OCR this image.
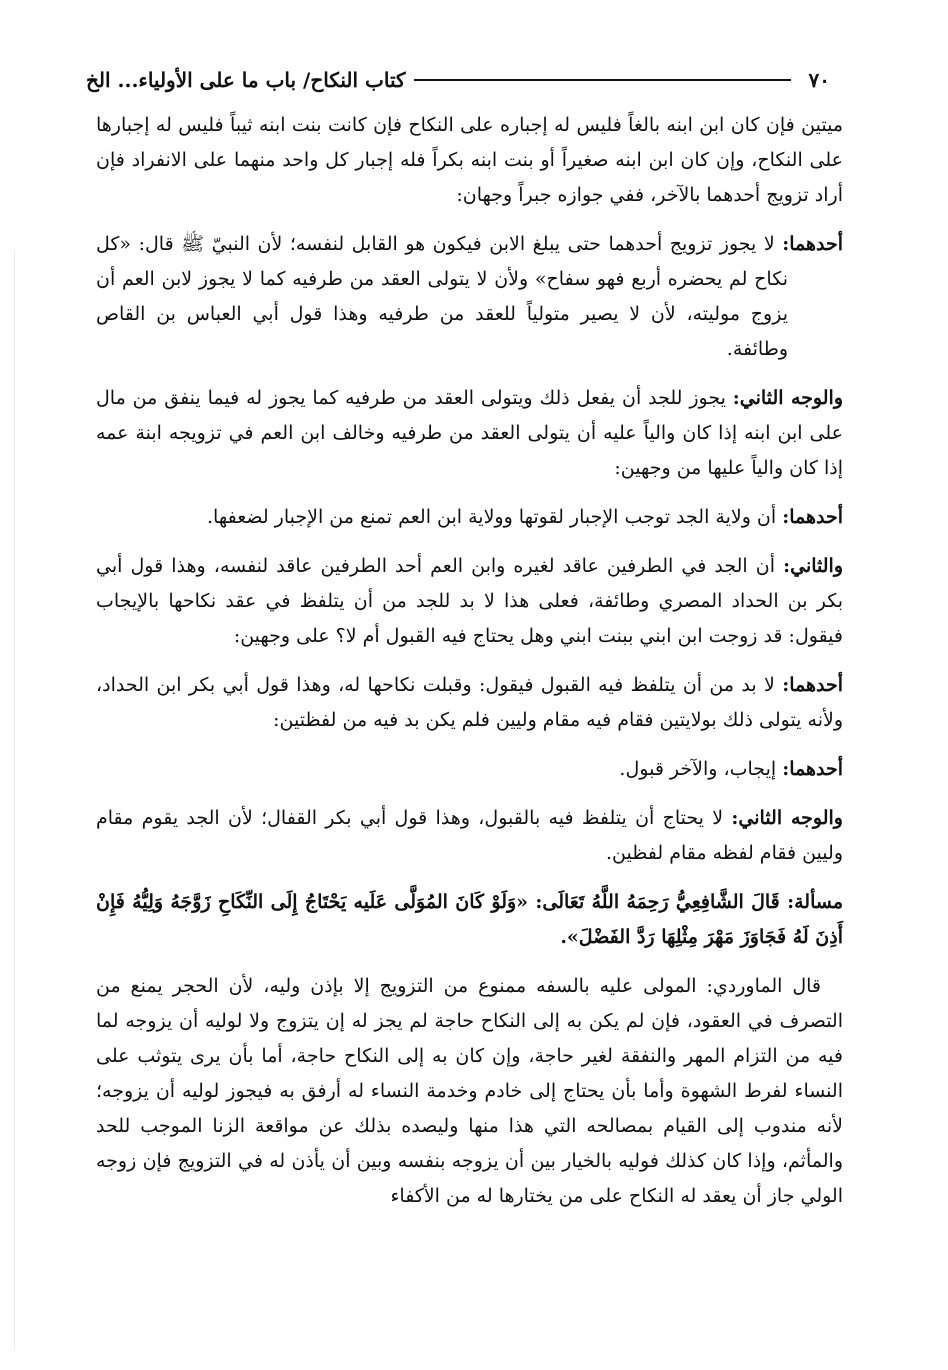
٧٠
كتاب النكاح/ باب ما على الأولياء... الخ

ميتين فإن كان ابن ابنه بالغاً فليس له إجباره على النكاح فإن كانت بنت ابنه ثيباً فليس له إجبارها على النكاح، وإن كان ابن ابنه صغيراً أو بنت ابنه بكراً فله إجبار كل واحد منهما على الانفراد فإن أراد تزويج أحدهما بالآخر، ففي جوازه جبراً وجهان:

أحدهما: لا يجوز تزويج أحدهما حتى يبلغ الابن فيكون هو القابل لنفسه؛ لأن النبيّ ﷺ قال: «كل نكاح لم يحضره أربع فهو سفاح» ولأن لا يتولى العقد من طرفيه كما لا يجوز لابن العم أن يزوج موليته، لأن لا يصير متولياً للعقد من طرفيه وهذا قول أبي العباس بن القاص وطائفة.

والوجه الثاني: يجوز للجد أن يفعل ذلك ويتولى العقد من طرفيه كما يجوز له فيما ينفق من مال على ابن ابنه إذا كان والياً عليه أن يتولى العقد من طرفيه وخالف ابن العم في تزويجه ابنة عمه إذا كان والياً عليها من وجهين:

أحدهما: أن ولاية الجد توجب الإجبار لقوتها وولاية ابن العم تمنع من الإجبار لضعفها.

والثاني: أن الجد في الطرفين عاقد لغيره وابن العم أحد الطرفين عاقد لنفسه، وهذا قول أبي بكر بن الحداد المصري وطائفة، فعلى هذا لا بد للجد من أن يتلفظ في عقد نكاحها بالإيجاب فيقول: قد زوجت ابن ابني ببنت ابني وهل يحتاج فيه القبول أم لا؟ على وجهين:

أحدهما: لا بد من أن يتلفظ فيه القبول فيقول: وقبلت نكاحها له، وهذا قول أبي بكر ابن الحداد، ولأنه يتولى ذلك بولايتين فقام فيه مقام وليين فلم يكن بد فيه من لفظتين:

أحدهما: إيجاب، والآخر قبول.

والوجه الثاني: لا يحتاج أن يتلفظ فيه بالقبول، وهذا قول أبي بكر القفال؛ لأن الجد يقوم مقام وليين فقام لفظه مقام لفظين.

مسألة: قَالَ الشَّافِعِيُّ رَحِمَهُ اللَّهُ تَعَالَى: «وَلَوْ كَانَ المُوَلَّى عَلَيه يَحْتَاجُ إِلَى النِّكَاحِ زَوَّجَهُ وَلِيُّهُ فَإِنْ أَذِنَ لَهُ فَجَاوَزَ مَهْرَ مِثْلِهَا رَدَّ الفَضْلَ».

قال الماوردي: المولى عليه بالسفه ممنوع من التزويج إلا بإذن وليه، لأن الحجر يمنع من التصرف في العقود، فإن لم يكن به إلى النكاح حاجة لم يجز له إن يتزوج ولا لوليه أن يزوجه لما فيه من التزام المهر والنفقة لغير حاجة، وإن كان به إلى النكاح حاجة، أما بأن يرى يتوثب على النساء لفرط الشهوة وأما بأن يحتاج إلى خادم وخدمة النساء له أرفق به فيجوز لوليه أن يزوجه؛ لأنه مندوب إلى القيام بمصالحه التي هذا منها وليصده بذلك عن مواقعة الزنا الموجب للحد والمأثم، وإذا كان كذلك فوليه بالخيار بين أن يزوجه بنفسه وبين أن يأذن له في التزويج فإن زوجه الولي جاز أن يعقد له النكاح على من يختارها له من الأكفاء
